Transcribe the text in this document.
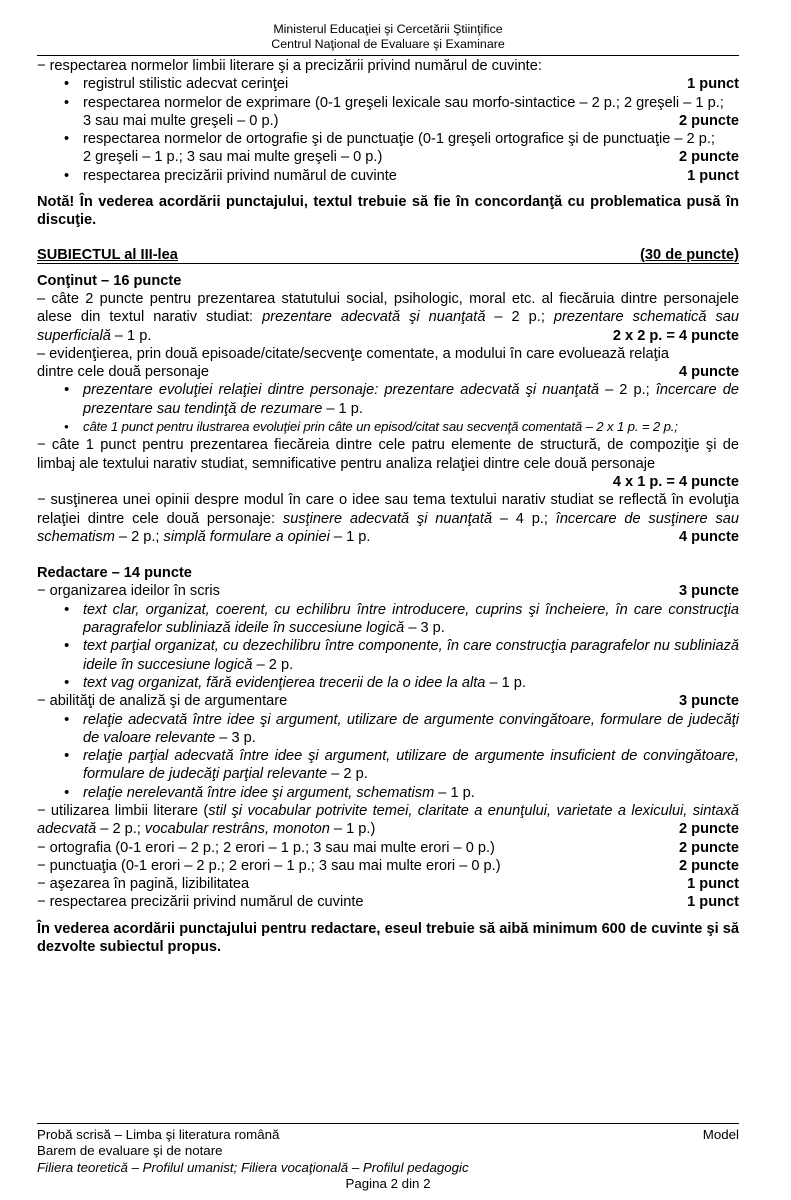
Ministerul Educaţiei şi Cercetării Ştiinţifice
Centrul Naţional de Evaluare şi Examinare
− respectarea normelor limbii literare şi a precizării privind numărul de cuvinte:
• registrul stilistic adecvat cerinţei	1 punct
• respectarea normelor de exprimare (0-1 greşeli lexicale sau morfo-sintactice – 2 p.; 2 greşeli – 1 p.;
3 sau mai multe greşeli – 0 p.)	2 puncte
• respectarea normelor de ortografie şi de punctuaţie (0-1 greşeli ortografice şi de punctuaţie – 2 p.;
2 greşeli – 1 p.; 3 sau mai multe greşeli – 0 p.)	2 puncte
• respectarea precizării privind numărul de cuvinte	1 punct
Notă! În vederea acordării punctajului, textul trebuie să fie în concordanţă cu problematica pusă în discuţie.
SUBIECTUL al III-lea	(30 de puncte)
Conţinut – 16 puncte
– câte 2 puncte pentru prezentarea statutului social, psihologic, moral etc. al fiecăruia dintre personajele alese din textul narativ studiat: prezentare adecvată şi nuanţată – 2 p.; prezentare schematică sau superficială – 1 p.	2 x 2 p. = 4 puncte
– evidenţierea, prin două episoade/citate/secvenţe comentate, a modului în care evoluează relaţia
dintre cele două personaje	4 puncte
• prezentare evoluţiei relaţiei dintre personaje: prezentare adecvată şi nuanţată – 2 p.; încercare de prezentare sau tendinţă de rezumare – 1 p.
• câte 1 punct pentru ilustrarea evoluţiei prin câte un episod/citat sau secvenţă comentată – 2 x 1 p. = 2 p.;
− câte 1 punct pentru prezentarea fiecăreia dintre cele patru elemente de structură, de compoziţie şi de limbaj ale textului narativ studiat, semnificative pentru analiza relaţiei dintre cele două personaje
4 x 1 p. = 4 puncte
− susţinerea unei opinii despre modul în care o idee sau tema textului narativ studiat se reflectă în evoluţia relaţiei dintre cele două personaje: susţinere adecvată şi nuanţată – 4 p.; încercare de susţinere sau schematism – 2 p.; simplă formulare a opiniei – 1 p.	4 puncte
Redactare – 14 puncte
− organizarea ideilor în scris	3 puncte
• text clar, organizat, coerent, cu echilibru între introducere, cuprins şi încheiere, în care construcţia paragrafelor subliniază ideile în succesiune logică – 3 p.
• text parţial organizat, cu dezechilibru între componente, în care construcţia paragrafelor nu subliniază ideile în succesiune logică – 2 p.
• text vag organizat, fără evidenţierea trecerii de la o idee la alta – 1 p.
− abilităţi de analiză şi de argumentare	3 puncte
• relaţie adecvată între idee şi argument, utilizare de argumente convingătoare, formulare de judecăţi de valoare relevante – 3 p.
• relaţie parţial adecvată între idee şi argument, utilizare de argumente insuficient de convingătoare, formulare de judecăţi parţial relevante – 2 p.
• relaţie nerelevantă între idee şi argument, schematism – 1 p.
− utilizarea limbii literare (stil şi vocabular potrivite temei, claritate a enunţului, varietate a lexicului, sintaxă adecvată – 2 p.; vocabular restrâns, monoton – 1 p.)	2 puncte
− ortografia (0-1 erori – 2 p.; 2 erori – 1 p.; 3 sau mai multe erori – 0 p.)	2 puncte
− punctuaţia (0-1 erori – 2 p.; 2 erori – 1 p.; 3 sau mai multe erori – 0 p.)	2 puncte
− aşezarea în pagină, lizibilitatea	1 punct
− respectarea precizării privind numărul de cuvinte	1 punct
În vederea acordării punctajului pentru redactare, eseul trebuie să aibă minimum 600 de cuvinte şi să dezvolte subiectul propus.
Probă scrisă – Limba şi literatura română	Model
Barem de evaluare şi de notare
Filiera teoretică – Profilul umanist; Filiera vocaţională – Profilul pedagogic
Pagina 2 din 2
